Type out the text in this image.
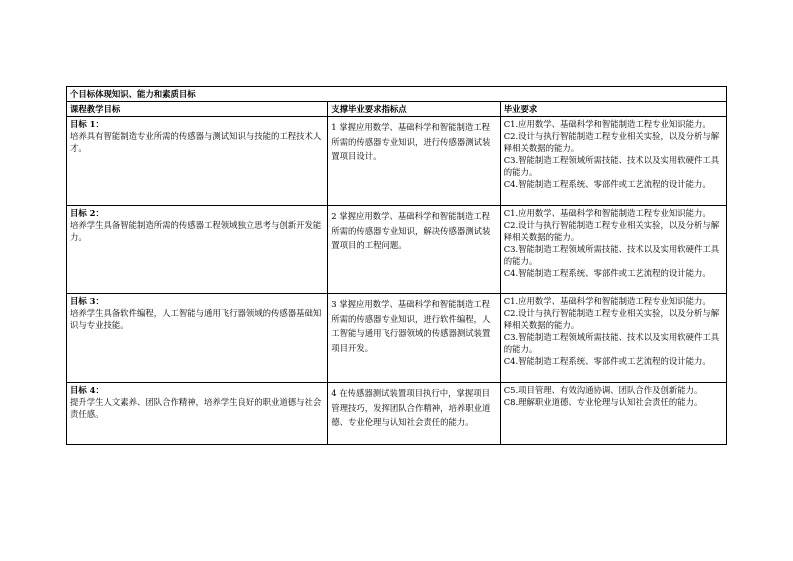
个目标体现知识、能力和素质目标		
课程教学目标	支撑毕业要求指标点	毕业要求

目标 1：
培养具有智能制造专业所需的传感器与测试知识与技能的工程技术人才。	1 掌握应用数学、基础科学和智能制造工程所需的传感器专业知识，进行传感器测试装置项目设计。	C1.应用数学、基础科学和智能制造工程专业知识能力。
C2.设计与执行智能制造工程专业相关实验，以及分析与解释相关数据的能力。
C3.智能制造工程领域所需技能、技术以及实用软硬件工具的能力。
C4.智能制造工程系统、零部件或工艺流程的设计能力。

目标 2：
培养学生具备智能制造所需的传感器工程领域独立思考与创新开发能力。	2 掌握应用数学、基础科学和智能制造工程所需的传感器专业知识，解决传感器测试装置项目的工程问题。	C1.应用数学、基础科学和智能制造工程专业知识能力。
C2.设计与执行智能制造工程专业相关实验，以及分析与解释相关数据的能力。
C3.智能制造工程领域所需技能、技术以及实用软硬件工具的能力。
C4.智能制造工程系统、零部件或工艺流程的设计能力。

目标 3：
培养学生具备软件编程，人工智能与通用飞行器领域的传感器基础知识与专业技能。	3 掌握应用数学、基础科学和智能制造工程所需的传感器专业知识，进行软件编程，人工智能与通用飞行器领域的传感器测试装置项目开发。	C1.应用数学、基础科学和智能制造工程专业知识能力。
C2.设计与执行智能制造工程专业相关实验，以及分析与解释相关数据的能力。
C3.智能制造工程领域所需技能、技术以及实用软硬件工具的能力。
C4.智能制造工程系统、零部件或工艺流程的设计能力。

目标 4：
提升学生人文素养、团队合作精神，培养学生良好的职业道德与社会责任感。	4 在传感器测试装置项目执行中，掌握项目管理技巧，发挥团队合作精神，培养职业道德、专业伦理与认知社会责任的能力。	C5.项目管理、有效沟通协调、团队合作及创新能力。
C8.理解职业道德、专业伦理与认知社会责任的能力。
